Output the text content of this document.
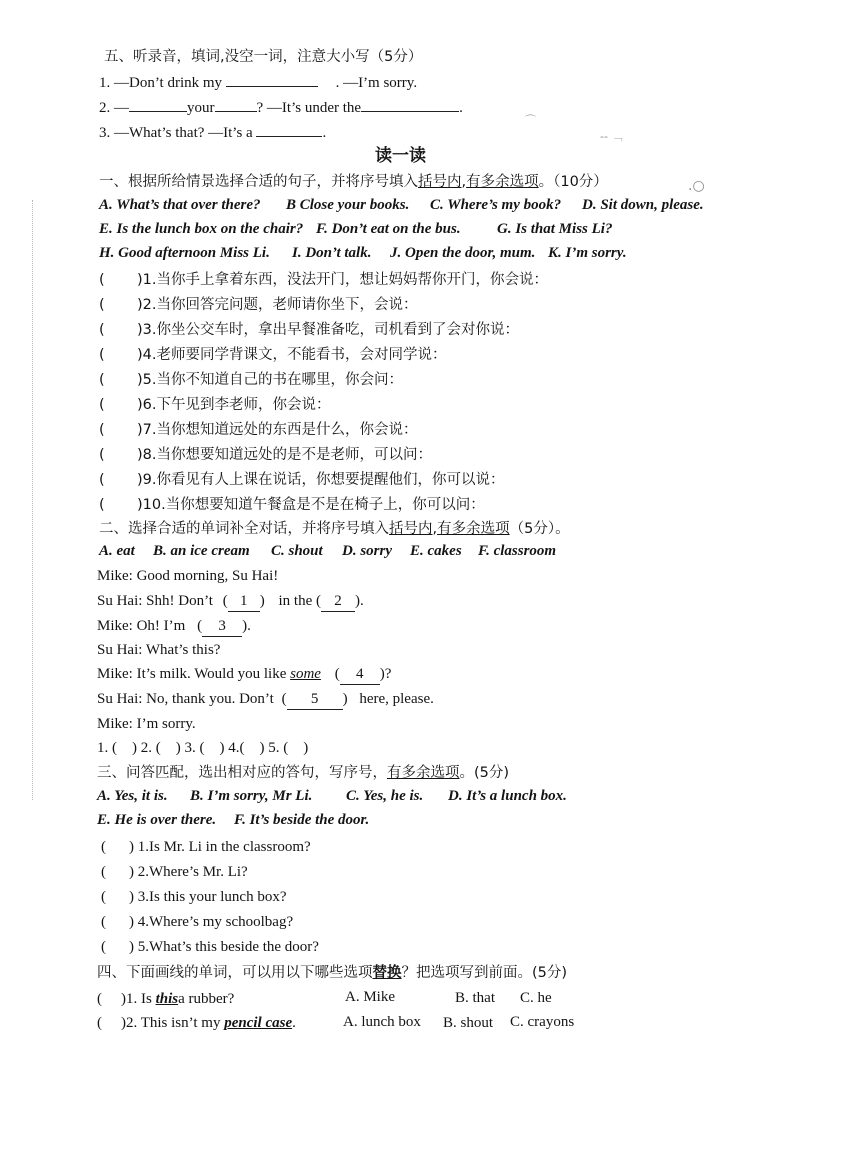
⌒
‑‑ ﹁
.○
五、听录音，填词,没空一词，注意大小写（5分）
1. —Don’t drink my	. —I’m sorry.
2. —	your	? —It’s under the	.
3. —What’s that? —It’s a	.
读一读
一、根据所给情景选择合适的句子，并将序号填入括号内,有多余选项。（10分）
A. What’s that over there? B Close your books. C. Where’s my book? D. Sit down, please.
E. Is the lunch box on the chair? F. Don’t eat on the bus. G. Is that Miss Li?
H. Good afternoon Miss Li. I. Don’t talk. J. Open the door, mum. K. I’m sorry.
( )1.当你手上拿着东西，没法开门，想让妈妈帮你开门，你会说：
( )2.当你回答完问题，老师请你坐下，会说：
( )3.你坐公交车时，拿出早餐准备吃，司机看到了会对你说：
( )4.老师要同学背课文，不能看书，会对同学说：
( )5.当你不知道自己的书在哪里，你会问：
( )6.下午见到李老师，你会说：
( )7.当你想知道远处的东西是什么，你会说：
( )8.当你想要知道远处的是不是老师，可以问：
( )9.你看见有人上课在说话，你想要提醒他们，你可以说：
( )10.当你想要知道午餐盒是不是在椅子上，你可以问：
二、选择合适的单词补全对话，并将序号填入括号内,有多余选项（5分）。
A. eat B. an ice cream C. shout D. sorry E. cakes F. classroom
Mike: Good morning, Su Hai!
Su Hai: Shh! Don’t ( 1 ) in the ( 2 ).
Mike: Oh! I’m ( 3 ).
Su Hai: What’s this?
Mike: It’s milk. Would you like some ( 4 )?
Su Hai: No, thank you. Don’t ( 5 ) here, please.
Mike: I’m sorry.
1. (　) 2. (　) 3. (　) 4.(　) 5. (　)
三、问答匹配，选出相对应的答句，写序号，有多余选项。(5分)
A. Yes, it is. B. I’m sorry, Mr Li. C. Yes, he is. D. It’s a lunch box.
E. He is over there. F. It’s beside the door.
( ) 1.Is Mr. Li in the classroom?
( ) 2.Where’s Mr. Li?
( ) 3.Is this your lunch box?
( ) 4.Where’s my schoolbag?
( ) 5.What’s this beside the door?
四、下面画线的单词，可以用以下哪些选项替换？把选项写到前面。(5分)
( )1. Is thisa rubber?	A. Mike	B. that C. he
( )2. This isn’t my pencil case.	A. lunch box B. shout C. crayons
